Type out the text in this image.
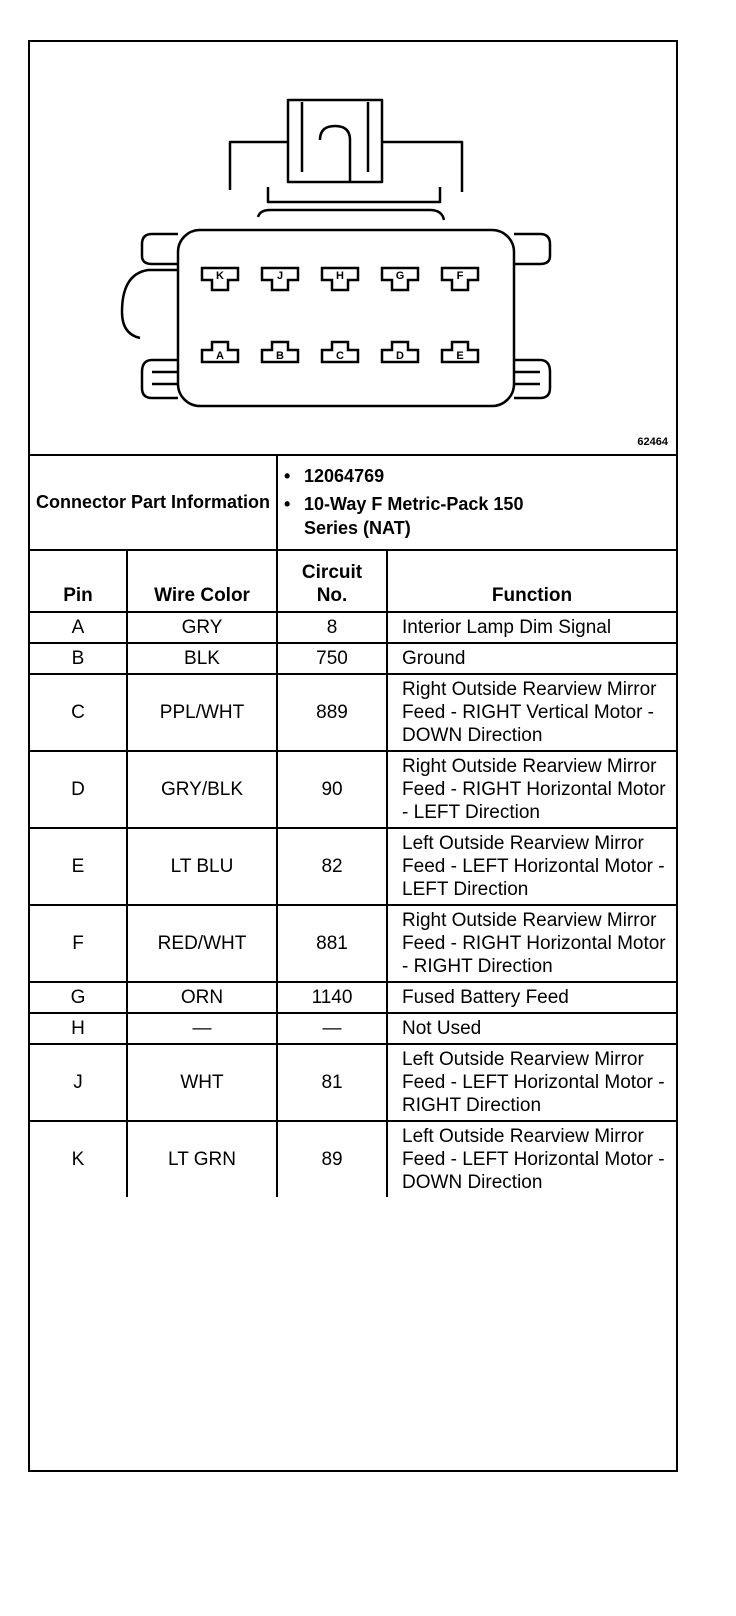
K	J	H	G	F
A	B	C	D	E
62464
Connector Part Information		• 12064769
• 10-Way F Metric-Pack 150 Series (NAT)

Pin	Wire Color	Circuit No.	Function
A	GRY	8	Interior Lamp Dim Signal
B	BLK	750	Ground
C	PPL/WHT	889	Right Outside Rearview Mirror Feed - RIGHT Vertical Motor - DOWN Direction
D	GRY/BLK	90	Right Outside Rearview Mirror Feed - RIGHT Horizontal Motor - LEFT Direction
E	LT BLU	82	Left Outside Rearview Mirror Feed - LEFT Horizontal Motor - LEFT Direction
F	RED/WHT	881	Right Outside Rearview Mirror Feed - RIGHT Horizontal Motor - RIGHT Direction
G	ORN	1140	Fused Battery Feed
H	—	—	Not Used
J	WHT	81	Left Outside Rearview Mirror Feed - LEFT Horizontal Motor - RIGHT Direction
K	LT GRN	89	Left Outside Rearview Mirror Feed - LEFT Horizontal Motor - DOWN Direction
